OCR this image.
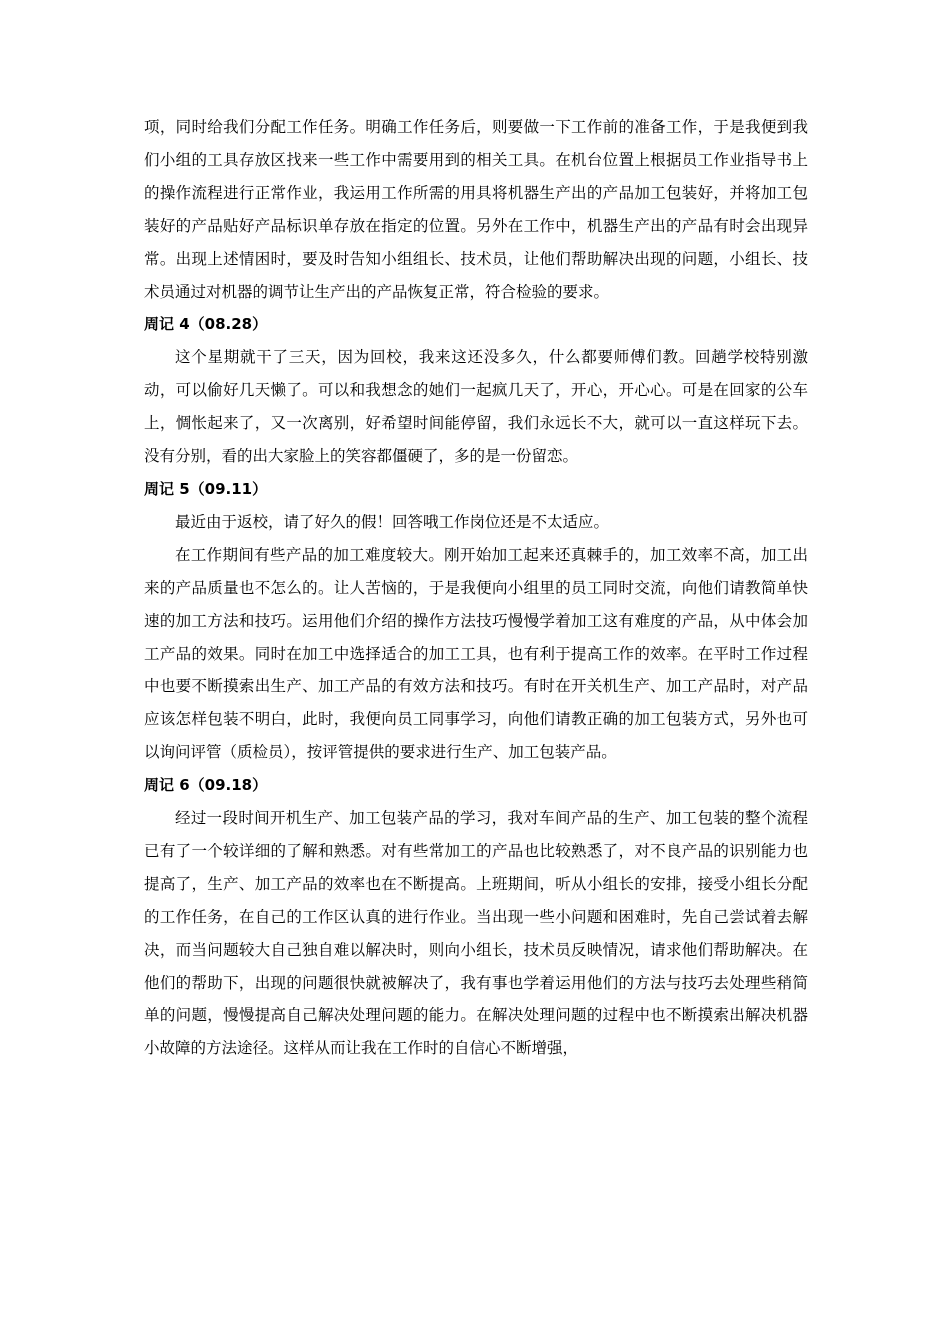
项，同时给我们分配工作任务。明确工作任务后，则要做一下工作前的准备工作，于是我便到我们小组的工具存放区找来一些工作中需要用到的相关工具。在机台位置上根据员工作业指导书上的操作流程进行正常作业，我运用工作所需的用具将机器生产出的产品加工包装好，并将加工包装好的产品贴好产品标识单存放在指定的位置。另外在工作中，机器生产出的产品有时会出现异常。出现上述情困时，要及时告知小组组长、技术员，让他们帮助解决出现的问题，小组长、技术员通过对机器的调节让生产出的产品恢复正常，符合检验的要求。

周记 4（08.28）

这个星期就干了三天，因为回校，我来这还没多久，什么都要师傅们教。回趟学校特别激动，可以偷好几天懒了。可以和我想念的她们一起疯几天了，开心，开心心。可是在回家的公车上，惆怅起来了，又一次离别，好希望时间能停留，我们永远长不大，就可以一直这样玩下去。没有分别，看的出大家脸上的笑容都僵硬了，多的是一份留恋。

周记 5（09.11）

最近由于返校，请了好久的假！回答哦工作岗位还是不太适应。

在工作期间有些产品的加工难度较大。刚开始加工起来还真棘手的，加工效率不高，加工出来的产品质量也不怎么的。让人苦恼的，于是我便向小组里的员工同时交流，向他们请教简单快速的加工方法和技巧。运用他们介绍的操作方法技巧慢慢学着加工这有难度的产品，从中体会加工产品的效果。同时在加工中选择适合的加工工具，也有利于提高工作的效率。在平时工作过程中也要不断摸索出生产、加工产品的有效方法和技巧。有时在开关机生产、加工产品时，对产品应该怎样包装不明白，此时，我便向员工同事学习，向他们请教正确的加工包装方式，另外也可以询问评管（质检员），按评管提供的要求进行生产、加工包装产品。

周记 6（09.18）

经过一段时间开机生产、加工包装产品的学习，我对车间产品的生产、加工包装的整个流程已有了一个较详细的了解和熟悉。对有些常加工的产品也比较熟悉了，对不良产品的识别能力也提高了，生产、加工产品的效率也在不断提高。上班期间，听从小组长的安排，接受小组长分配的工作任务，在自己的工作区认真的进行作业。当出现一些小问题和困难时，先自己尝试着去解决，而当问题较大自己独自难以解决时，则向小组长，技术员反映情况，请求他们帮助解决。在他们的帮助下，出现的问题很快就被解决了，我有事也学着运用他们的方法与技巧去处理些稍简单的问题，慢慢提高自己解决处理问题的能力。在解决处理问题的过程中也不断摸索出解决机器小故障的方法途径。这样从而让我在工作时的自信心不断增强，
